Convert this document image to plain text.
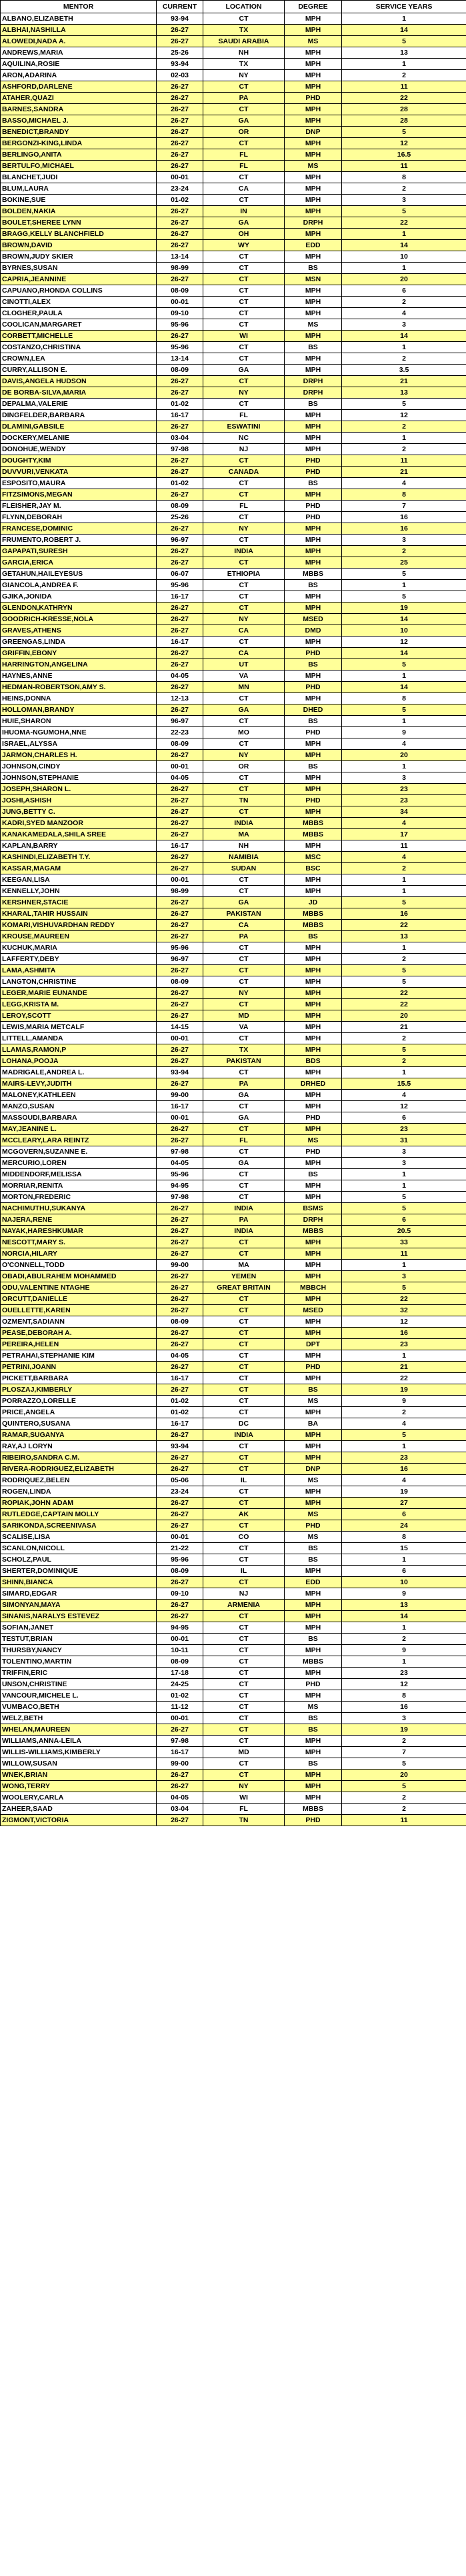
MENTOR	CURRENT	LOCATION	DEGREE	SERVICE YEARS
ALBANO,ELIZABETH	93-94	CT	MPH	1
ALBHAI,NASHILLA	26-27	TX	MPH	14
ALOWEDI,NADA A.	26-27	SAUDI ARABIA	MS	5
ANDREWS,MARIA	25-26	NH	MPH	13
AQUILINA,ROSIE	93-94	TX	MPH	1
ARON,ADARINA	02-03	NY	MPH	2
ASHFORD,DARLENE	26-27	CT	MPH	11
ATAHER,QUAZI	26-27	PA	PHD	22
BARNES,SANDRA	26-27	CT	MPH	28
BASSO,MICHAEL J.	26-27	GA	MPH	28
BENEDICT,BRANDY	26-27	OR	DNP	5
BERGONZI-KING,LINDA	26-27	CT	MPH	12
BERLINGO,ANITA	26-27	FL	MPH	16.5
BERTULFO,MICHAEL	26-27	FL	MS	11
BLANCHET,JUDI	00-01	CT	MPH	8
BLUM,LAURA	23-24	CA	MPH	2
BOKINE,SUE	01-02	CT	MPH	3
BOLDEN,NAKIA	26-27	IN	MPH	5
BOULET,SHEREE LYNN	26-27	GA	DRPH	22
BRAGG,KELLY BLANCHFIELD	26-27	OH	MPH	1
BROWN,DAVID	26-27	WY	EDD	14
BROWN,JUDY SKIER	13-14	CT	MPH	10
BYRNES,SUSAN	98-99	CT	BS	1
CAPRIA,JEANNINE	26-27	CT	MSN	20
CAPUANO,RHONDA COLLINS	08-09	CT	MPH	6
CINOTTI,ALEX	00-01	CT	MPH	2
CLOGHER,PAULA	09-10	CT	MPH	4
COOLICAN,MARGARET	95-96	CT	MS	3
CORBETT,MICHELLE	26-27	WI	MPH	14
COSTANZO,CHRISTINA	95-96	CT	BS	1
CROWN,LEA	13-14	CT	MPH	2
CURRY,ALLISON E.	08-09	GA	MPH	3.5
DAVIS,ANGELA HUDSON	26-27	CT	DRPH	21
DE BORBA-SILVA,MARIA	26-27	NY	DRPH	13
DEPALMA,VALERIE	01-02	CT	BS	5
DINGFELDER,BARBARA	16-17	FL	MPH	12
DLAMINI,GABSILE	26-27	ESWATINI	MPH	2
DOCKERY,MELANIE	03-04	NC	MPH	1
DONOHUE,WENDY	97-98	NJ	MPH	2
DOUGHTY,KIM	26-27	CT	PHD	11
DUVVURI,VENKATA	26-27	CANADA	PHD	21
ESPOSITO,MAURA	01-02	CT	BS	4
FITZSIMONS,MEGAN	26-27	CT	MPH	8
FLEISHER,JAY M.	08-09	FL	PHD	7
FLYNN,DEBORAH	25-26	CT	PHD	16
FRANCESE,DOMINIC	26-27	NY	MPH	16
FRUMENTO,ROBERT J.	96-97	CT	MPH	3
GAPAPATI,SURESH	26-27	INDIA	MPH	2
GARCIA,ERICA	26-27	CT	MPH	25
GETAHUN,HAILEYESUS	06-07	ETHIOPIA	MBBS	5
GIANCOLA,ANDREA F.	95-96	CT	BS	1
GJIKA,JONIDA	16-17	CT	MPH	5
GLENDON,KATHRYN	26-27	CT	MPH	19
GOODRICH-KRESSE,NOLA	26-27	NY	MSED	14
GRAVES,ATHENS	26-27	CA	DMD	10
GREENGAS,LINDA	16-17	CT	MPH	12
GRIFFIN,EBONY	26-27	CA	PHD	14
HARRINGTON,ANGELINA	26-27	UT	BS	5
HAYNES,ANNE	04-05	VA	MPH	1
HEDMAN-ROBERTSON,AMY S.	26-27	MN	PHD	14
HEINS,DONNA	12-13	CT	MPH	8
HOLLOMAN,BRANDY	26-27	GA	DHED	5
HUIE,SHARON	96-97	CT	BS	1
IHUOMA-NGUMOHA,NNE	22-23	MO	PHD	9
ISRAEL,ALYSSA	08-09	CT	MPH	4
JARMON,CHARLES H.	26-27	NY	MPH	20
JOHNSON,CINDY	00-01	OR	BS	1
JOHNSON,STEPHANIE	04-05	CT	MPH	3
JOSEPH,SHARON L.	26-27	CT	MPH	23
JOSHI,ASHISH	26-27	TN	PHD	23
JUNG,BETTY C.	26-27	CT	MPH	34
KADRI,SYED MANZOOR	26-27	INDIA	MBBS	4
KANAKAMEDALA,SHILA SREE	26-27	MA	MBBS	17
KAPLAN,BARRY	16-17	NH	MPH	11
KASHINDI,ELIZABETH T.Y.	26-27	NAMIBIA	MSC	4
KASSAR,MAGAM	26-27	SUDAN	BSC	2
KEEGAN,LISA	00-01	CT	MPH	1
KENNELLY,JOHN	98-99	CT	MPH	1
KERSHNER,STACIE	26-27	GA	JD	5
KHARAL,TAHIR HUSSAIN	26-27	PAKISTAN	MBBS	16
KOMARI,VISHUVARDHAN REDDY	26-27	CA	MBBS	22
KROUSE,MAUREEN	26-27	PA	BS	13
KUCHUK,MARIA	95-96	CT	MPH	1
LAFFERTY,DEBY	96-97	CT	MPH	2
LAMA,ASHMITA	26-27	CT	MPH	5
LANGTON,CHRISTINE	08-09	CT	MPH	5
LEGER,MARIE EUNANDE	26-27	NY	MPH	22
LEGG,KRISTA M.	26-27	CT	MPH	22
LEROY,SCOTT	26-27	MD	MPH	20
LEWIS,MARIA METCALF	14-15	VA	MPH	21
LITTELL,AMANDA	00-01	CT	MPH	2
LLAMAS,RAMON,P	26-27	TX	MPH	5
LOHANA,POOJA	26-27	PAKISTAN	BDS	2
MADRIGALE,ANDREA L.	93-94	CT	MPH	1
MAIRS-LEVY,JUDITH	26-27	PA	DRHED	15.5
MALONEY,KATHLEEN	99-00	GA	MPH	4
MANZO,SUSAN	16-17	CT	MPH	12
MASSOUDI,BARBARA	00-01	GA	PHD	6
MAY,JEANINE L.	26-27	CT	MPH	23
MCCLEARY,LARA REINTZ	26-27	FL	MS	31
MCGOVERN,SUZANNE E.	97-98	CT	PHD	3
MERCURIO,LOREN	04-05	GA	MPH	3
MIDDENDORF,MELISSA	95-96	CT	BS	1
MORRIAR,RENITA	94-95	CT	MPH	1
MORTON,FREDERIC	97-98	CT	MPH	5
NACHIMUTHU,SUKANYA	26-27	INDIA	BSMS	5
NAJERA,RENE	26-27	PA	DRPH	6
NAYAK,HARESHKUMAR	26-27	INDIA	MBBS	20.5
NESCOTT,MARY S.	26-27	CT	MPH	33
NORCIA,HILARY	26-27	CT	MPH	11
O'CONNELL,TODD	99-00	MA	MPH	1
OBADI,ABULRAHEM MOHAMMED	26-27	YEMEN	MPH	3
ODU,VALENTINE NTAGHE	26-27	GREAT BRITAIN	MBBCH	5
ORCUTT,DANIELLE	26-27	CT	MPH	22
OUELLETTE,KAREN	26-27	CT	MSED	32
OZMENT,SADIANN	08-09	CT	MPH	12
PEASE,DEBORAH A.	26-27	CT	MPH	16
PEREIRA,HELEN	26-27	CT	DPT	23
PETRAHAI,STEPHANIE KIM	04-05	CT	MPH	1
PETRINI,JOANN	26-27	CT	PHD	21
PICKETT,BARBARA	16-17	CT	MPH	22
PLOSZAJ,KIMBERLY	26-27	CT	BS	19
PORRAZZO,LORELLE	01-02	CT	MS	9
PRICE,ANGELA	01-02	CT	MPH	2
QUINTERO,SUSANA	16-17	DC	BA	4
RAMAR,SUGANYA	26-27	INDIA	MPH	5
RAY,AJ LORYN	93-94	CT	MPH	1
RIBEIRO,SANDRA C.M.	26-27	CT	MPH	23
RIVERA-RODRIGUEZ,ELIZABETH	26-27	CT	DNP	16
RODRIQUEZ,BELEN	05-06	IL	MS	4
ROGEN,LINDA	23-24	CT	MPH	19
ROPIAK,JOHN ADAM	26-27	CT	MPH	27
RUTLEDGE,CAPTAIN MOLLY	26-27	AK	MS	6
SARIKONDA,SCREENIVASA	26-27	CT	PHD	24
SCALISE,LISA	00-01	CO	MS	8
SCANLON,NICOLL	21-22	CT	BS	15
SCHOLZ,PAUL	95-96	CT	BS	1
SHERTER,DOMINIQUE	08-09	IL	MPH	6
SHINN,BIANCA	26-27	CT	EDD	10
SIMARD,EDGAR	09-10	NJ	MPH	9
SIMONYAN,MAYA	26-27	ARMENIA	MPH	13
SINANIS,NARALYS ESTEVEZ	26-27	CT	MPH	14
SOFIAN,JANET	94-95	CT	MPH	1
TESTUT,BRIAN	00-01	CT	BS	2
THURSBY,NANCY	10-11	CT	MPH	9
TOLENTINO,MARTIN	08-09	CT	MBBS	1
TRIFFIN,ERIC	17-18	CT	MPH	23
UNSON,CHRISTINE	24-25	CT	PHD	12
VANCOUR,MICHELE L.	01-02	CT	MPH	8
VUMBACO,BETH	11-12	CT	MS	16
WELZ,BETH	00-01	CT	BS	3
WHELAN,MAUREEN	26-27	CT	BS	19
WILLIAMS,ANNA-LEILA	97-98	CT	MPH	2
WILLIS-WILLIAMS,KIMBERLY	16-17	MD	MPH	7
WILLOW,SUSAN	99-00	CT	BS	5
WNEK,BRIAN	26-27	CT	MPH	20
WONG,TERRY	26-27	NY	MPH	5
WOOLERY,CARLA	04-05	WI	MPH	2
ZAHEER,SAAD	03-04	FL	MBBS	2
ZIGMONT,VICTORIA	26-27	TN	PHD	11
